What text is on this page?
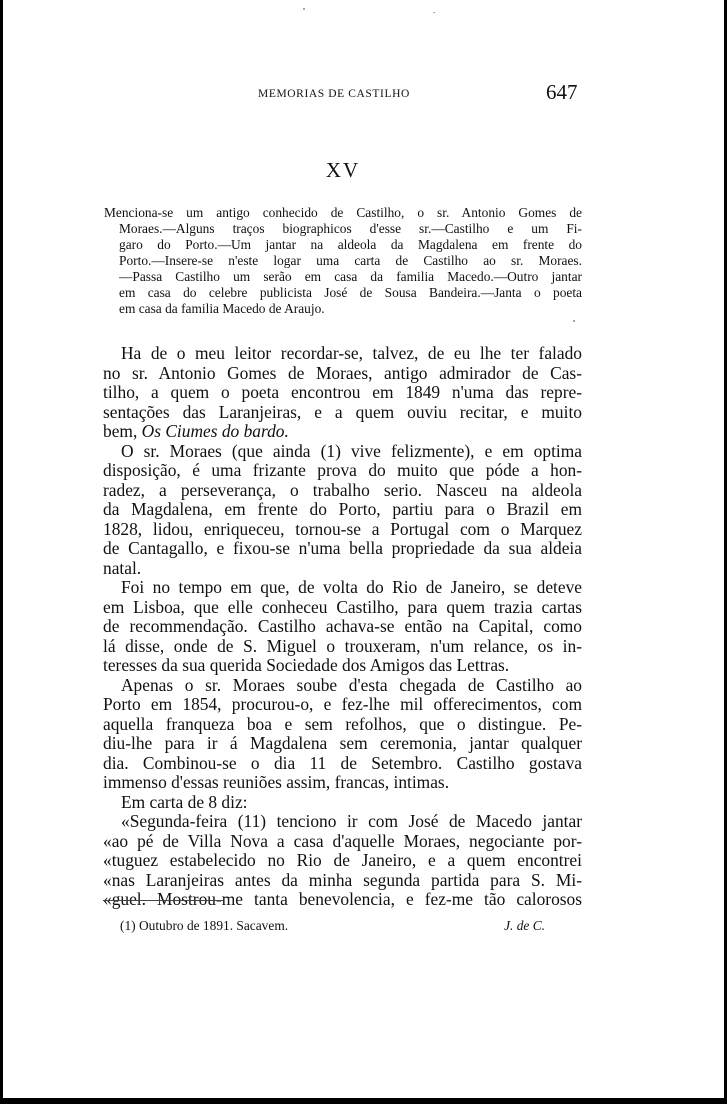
MEMORIAS DE CASTILHO	647
XV
Menciona-se um antigo conhecido de Castilho, o sr. Antonio Gomes de
Moraes.—Alguns traços biographicos d'esse sr.—Castilho e um Fi-
garo do Porto.—Um jantar na aldeola da Magdalena em frente do
Porto.—Insere-se n'este logar uma carta de Castilho ao sr. Moraes.
—Passa Castilho um serão em casa da familia Macedo.—Outro jantar
em casa do celebre publicista José de Sousa Bandeira.—Janta o poeta
em casa da familia Macedo de Araujo.
Ha de o meu leitor recordar-se, talvez, de eu lhe ter falado
no sr. Antonio Gomes de Moraes, antigo admirador de Cas-
tilho, a quem o poeta encontrou em 1849 n'uma das repre-
sentações das Laranjeiras, e a quem ouviu recitar, e muito
bem, Os Ciumes do bardo.
O sr. Moraes (que ainda (1) vive felizmente), e em optima
disposição, é uma frizante prova do muito que póde a hon-
radez, a perseverança, o trabalho serio. Nasceu na aldeola
da Magdalena, em frente do Porto, partiu para o Brazil em
1828, lidou, enriqueceu, tornou-se a Portugal com o Marquez
de Cantagallo, e fixou-se n'uma bella propriedade da sua aldeia
natal.
Foi no tempo em que, de volta do Rio de Janeiro, se deteve
em Lisboa, que elle conheceu Castilho, para quem trazia cartas
de recommendação. Castilho achava-se então na Capital, como
lá disse, onde de S. Miguel o trouxeram, n'um relance, os in-
teresses da sua querida Sociedade dos Amigos das Lettras.
Apenas o sr. Moraes soube d'esta chegada de Castilho ao
Porto em 1854, procurou-o, e fez-lhe mil offerecimentos, com
aquella franqueza boa e sem refolhos, que o distingue. Pe-
diu-lhe para ir á Magdalena sem ceremonia, jantar qualquer
dia. Combinou-se o dia 11 de Setembro. Castilho gostava
immenso d'essas reuniões assim, francas, intimas.
Em carta de 8 diz:
«Segunda-feira (11) tenciono ir com José de Macedo jantar
«ao pé de Villa Nova a casa d'aquelle Moraes, negociante por-
«tuguez estabelecido no Rio de Janeiro, e a quem encontrei
«nas Laranjeiras antes da minha segunda partida para S. Mi-
«guel. Mostrou-me tanta benevolencia, e fez-me tão calorosos
(1) Outubro de 1891. Sacavem.	J. de C.
